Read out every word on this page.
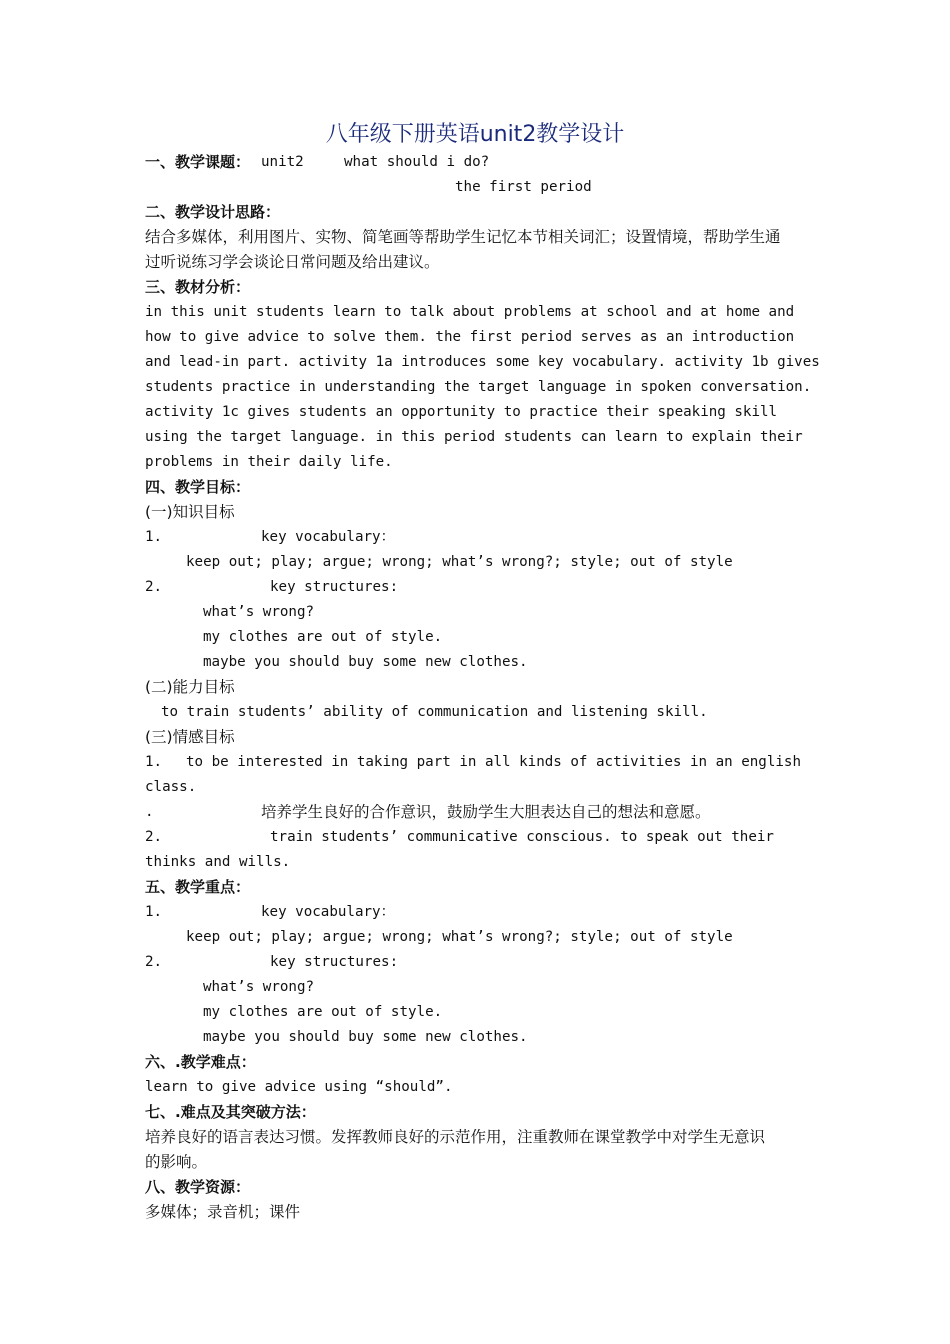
八年级下册英语unit2教学设计
一、教学课题： unit2	what should i do?
the first period
二、教学设计思路：
结合多媒体，利用图片、实物、简笔画等帮助学生记忆本节相关词汇；设置情境，帮助学生通
过听说练习学会谈论日常问题及给出建议。
三、教材分析：
in this unit students learn to talk about problems at school and at home and
how to give advice to solve them. the first period serves as an introduction
and lead-in part. activity 1a introduces some key vocabulary. activity 1b gives
students practice in understanding the target language in spoken conversation.
activity 1c gives students an opportunity to practice their speaking skill
using the target language. in this period students can learn to explain their
problems in their daily life.
四、教学目标：
(一)知识目标
1.	key vocabulary：
keep out; play; argue; wrong; what’s wrong?; style; out of style
2.	key structures:
what’s wrong?
my clothes are out of style.
maybe you should buy some new clothes.
(二)能力目标
to train students’ ability of communication and listening skill.
(三)情感目标
1. to be interested in taking part in all kinds of activities in an english
class.
.	培养学生良好的合作意识，鼓励学生大胆表达自己的想法和意愿。
2.	train students’ communicative conscious. to speak out their
thinks and wills.
五、教学重点：
1.	key vocabulary：
keep out; play; argue; wrong; what’s wrong?; style; out of style
2.	key structures:
what’s wrong?
my clothes are out of style.
maybe you should buy some new clothes.
六、.教学难点：
learn to give advice using “should”.
七、.难点及其突破方法：
培养良好的语言表达习惯。发挥教师良好的示范作用，注重教师在课堂教学中对学生无意识
的影响。
八、教学资源：
多媒体；录音机；课件
